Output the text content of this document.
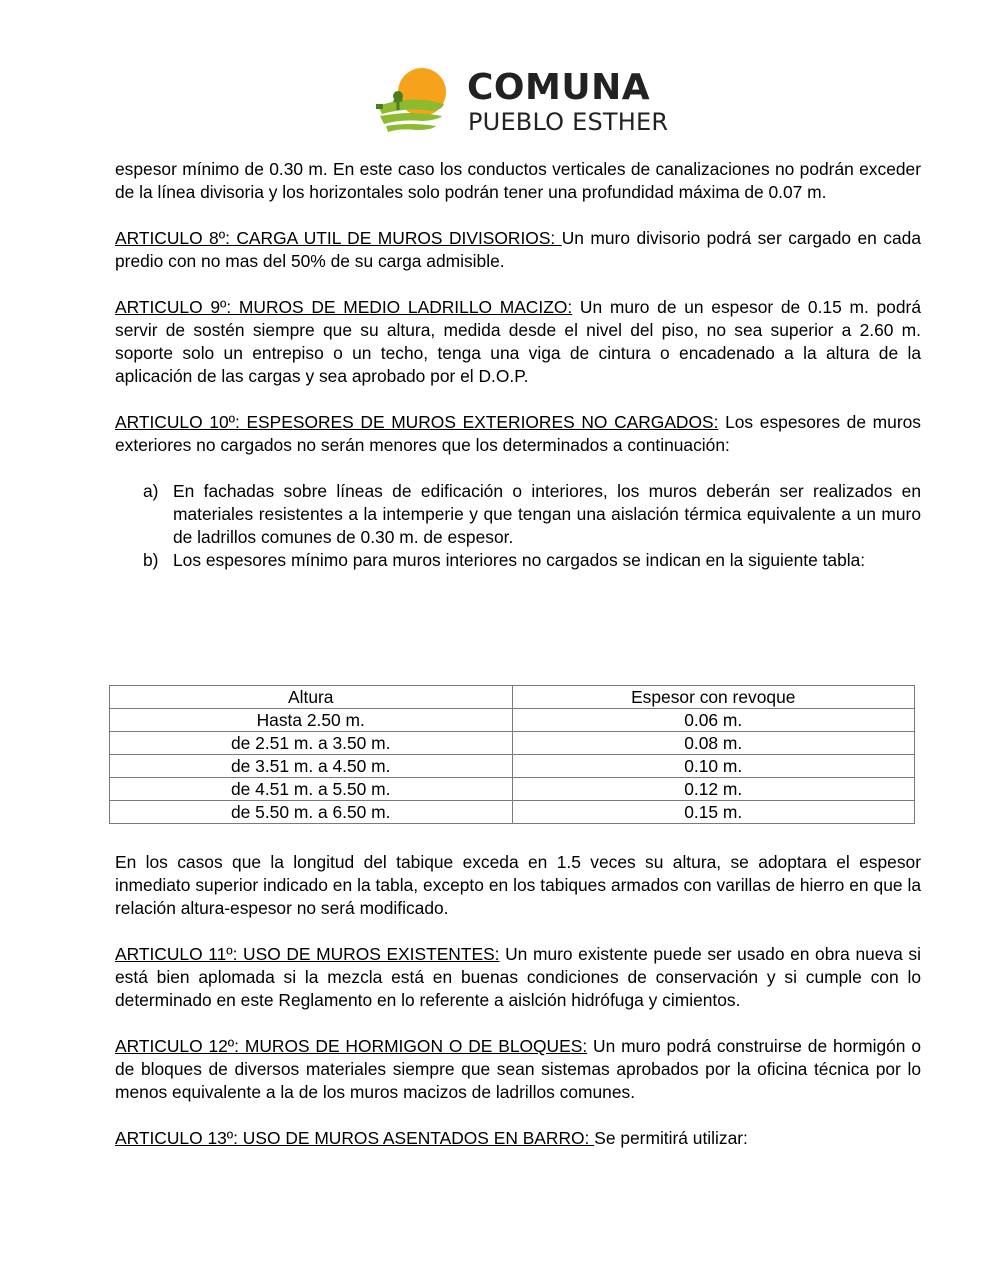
COMUNA
PUEBLO ESTHER

espesor mínimo de 0.30 m. En este caso los conductos verticales de canalizaciones no podrán exceder de la línea divisoria y los horizontales solo podrán tener una profundidad máxima de 0.07 m.

ARTICULO 8º: CARGA UTIL DE MUROS DIVISORIOS: Un muro divisorio podrá ser cargado en cada predio con no mas del 50% de su carga admisible.

ARTICULO 9º: MUROS DE MEDIO LADRILLO MACIZO: Un muro de un espesor de 0.15 m. podrá servir de sostén siempre que su altura, medida desde el nivel del piso, no sea superior a 2.60 m. soporte solo un entrepiso o un techo, tenga una viga de cintura o encadenado a la altura de la aplicación de las cargas y sea aprobado por el D.O.P.

ARTICULO 10º: ESPESORES DE MUROS EXTERIORES NO CARGADOS: Los espesores de muros exteriores no cargados no serán menores que los determinados a continuación:

a) En fachadas sobre líneas de edificación o interiores, los muros deberán ser realizados en materiales resistentes a la intemperie y que tengan una aislación térmica equivalente a un muro de ladrillos comunes de 0.30 m. de espesor.
b) Los espesores mínimo para muros interiores no cargados se indican en la siguiente tabla:
Altura	Espesor con revoque
Hasta 2.50 m.	0.06 m.
de 2.51 m. a 3.50 m.	0.08 m.
de 3.51 m. a 4.50 m.	0.10 m.
de 4.51 m. a 5.50 m.	0.12 m.
de 5.50 m. a 6.50 m.	0.15 m.

En los casos que la longitud del tabique exceda en 1.5 veces su altura, se adoptara el espesor inmediato superior indicado en la tabla, excepto en los tabiques armados con varillas de hierro en que la relación altura-espesor no será modificado.

ARTICULO 11º: USO DE MUROS EXISTENTES: Un muro existente puede ser usado en obra nueva si está bien aplomada si la mezcla está en buenas condiciones de conservación y si cumple con lo determinado en este Reglamento en lo referente a aislción hidrófuga y cimientos.

ARTICULO 12º: MUROS DE HORMIGON O DE BLOQUES: Un muro podrá construirse de hormigón o de bloques de diversos materiales siempre que sean sistemas aprobados por la oficina técnica por lo menos equivalente a la de los muros macizos de ladrillos comunes.

ARTICULO 13º: USO DE MUROS ASENTADOS EN BARRO: Se permitirá utilizar:
